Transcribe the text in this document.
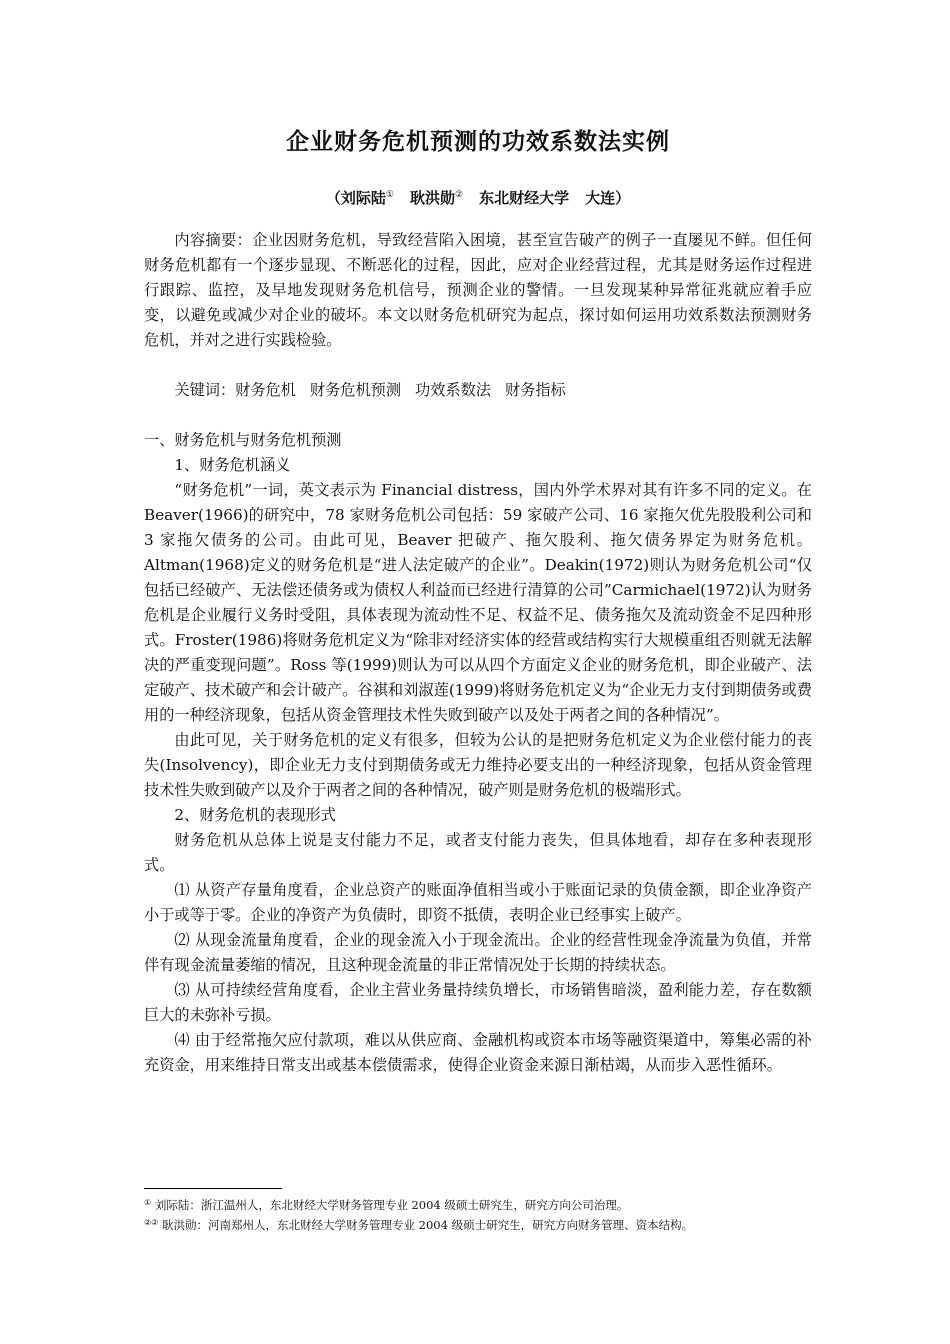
企业财务危机预测的功效系数法实例
（刘际陆① 耿洪勋② 东北财经大学 大连）

内容摘要：企业因财务危机，导致经营陷入困境，甚至宣告破产的例子一直屡见不鲜。但任何财务危机都有一个逐步显现、不断恶化的过程，因此，应对企业经营过程，尤其是财务运作过程进行跟踪、监控，及早地发现财务危机信号，预测企业的警情。一旦发现某种异常征兆就应着手应变，以避免或减少对企业的破坏。本文以财务危机研究为起点，探讨如何运用功效系数法预测财务危机，并对之进行实践检验。

关键词：财务危机 财务危机预测 功效系数法 财务指标

一、财务危机与财务危机预测

1、财务危机涵义

“财务危机”一词，英文表示为 Financial distress，国内外学术界对其有许多不同的定义。在 Beaver(1966)的研究中，78 家财务危机公司包括：59 家破产公司、16 家拖欠优先股股利公司和 3 家拖欠债务的公司。由此可见，Beaver 把破产、拖欠股利、拖欠债务界定为财务危机。Altman(1968)定义的财务危机是“进人法定破产的企业”。Deakin(1972)则认为财务危机公司“仅包括已经破产、无法偿还债务或为债权人利益而已经进行清算的公司”Carmichael(1972)认为财务危机是企业履行义务时受阻，具体表现为流动性不足、权益不足、债务拖欠及流动资金不足四种形式。Froster(1986)将财务危机定义为“除非对经济实体的经营或结构实行大规模重组否则就无法解决的严重变现问题”。Ross 等(1999)则认为可以从四个方面定义企业的财务危机，即企业破产、法定破产、技术破产和会计破产。谷祺和刘淑莲(1999)将财务危机定义为“企业无力支付到期债务或费用的一种经济现象，包括从资金管理技术性失败到破产以及处于两者之间的各种情况”。

由此可见，关于财务危机的定义有很多，但较为公认的是把财务危机定义为企业偿付能力的丧失(Insolvency)，即企业无力支付到期债务或无力维持必要支出的一种经济现象，包括从资金管理技术性失败到破产以及介于两者之间的各种情况，破产则是财务危机的极端形式。

2、财务危机的表现形式

财务危机从总体上说是支付能力不足，或者支付能力丧失，但具体地看，却存在多种表现形式。

⑴ 从资产存量角度看，企业总资产的账面净值相当或小于账面记录的负债金额，即企业净资产小于或等于零。企业的净资产为负债时，即资不抵债，表明企业已经事实上破产。

⑵ 从现金流量角度看，企业的现金流入小于现金流出。企业的经营性现金净流量为负值，并常伴有现金流量萎缩的情况，且这种现金流量的非正常情况处于长期的持续状态。

⑶ 从可持续经营角度看，企业主营业务量持续负增长，市场销售暗淡，盈利能力差，存在数额巨大的未弥补亏损。

⑷ 由于经常拖欠应付款项，难以从供应商、金融机构或资本市场等融资渠道中，筹集必需的补充资金，用来维持日常支出或基本偿债需求，使得企业资金来源日渐枯竭，从而步入恶性循环。

① 刘际陆：浙江温州人，东北财经大学财务管理专业 2004 级硕士研究生，研究方向公司治理。
②② 耿洪勋：河南郑州人，东北财经大学财务管理专业 2004 级硕士研究生，研究方向财务管理、资本结构。
